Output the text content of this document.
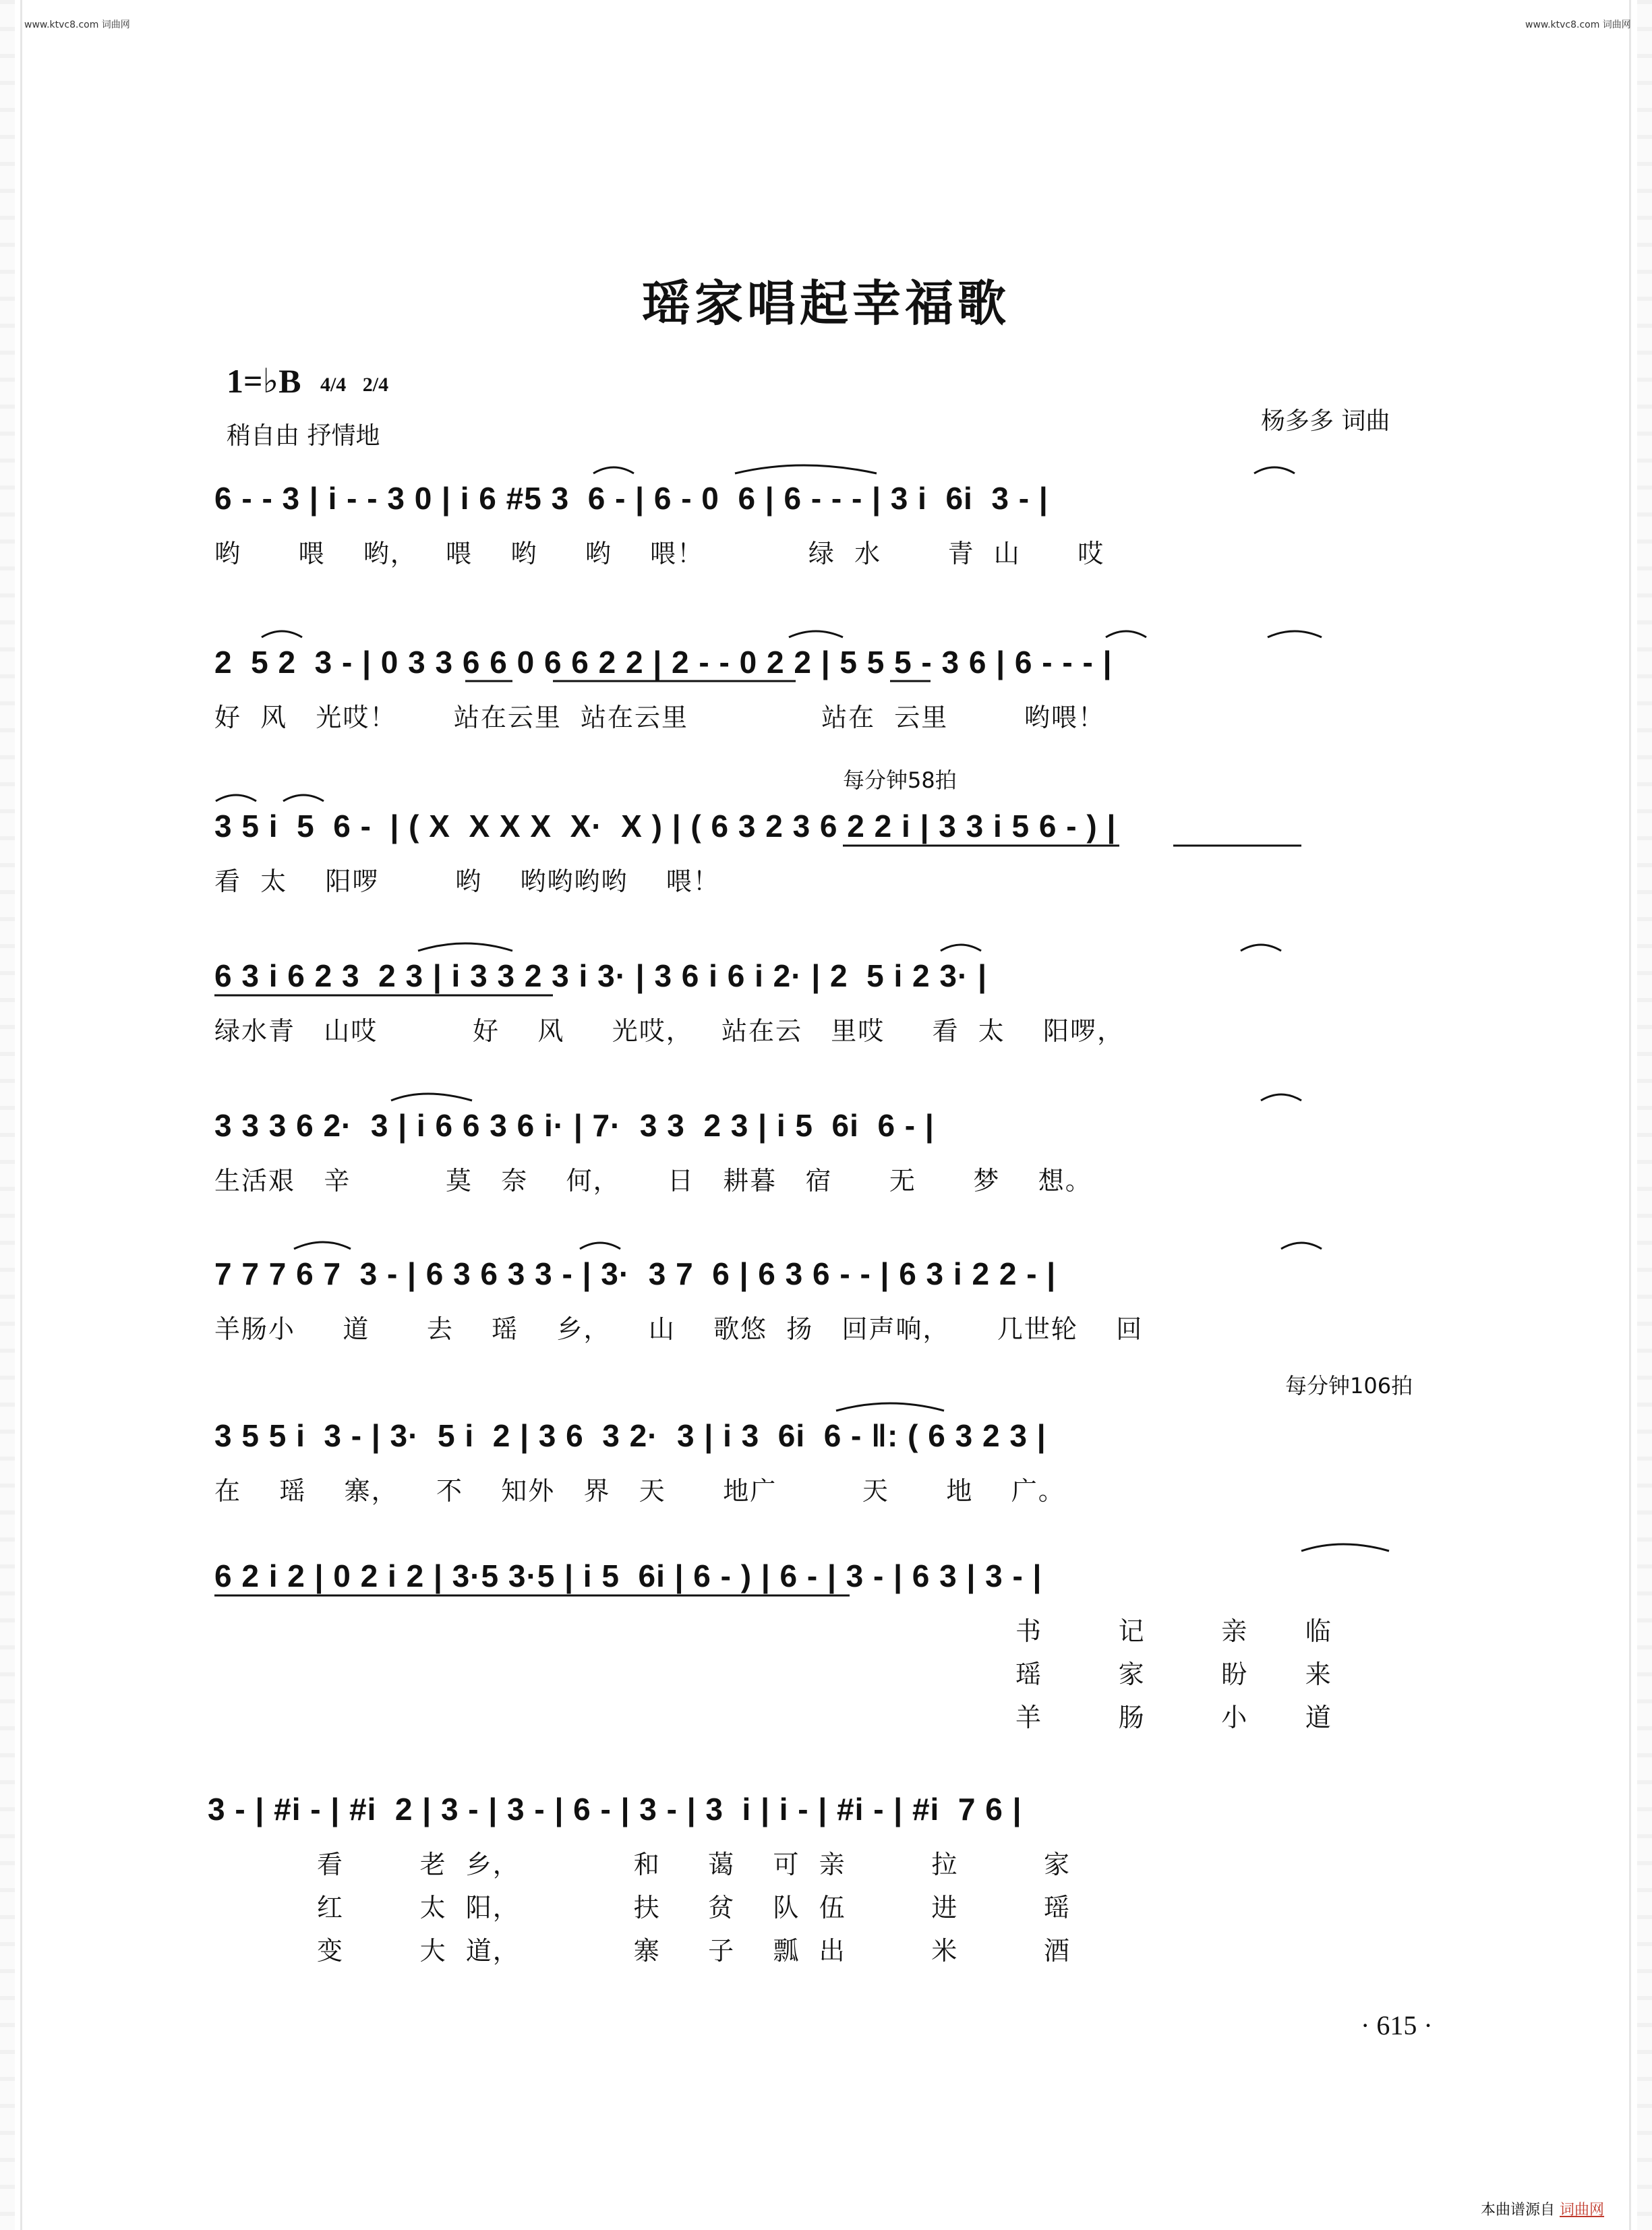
www.ktvc8.com 词曲网	www.ktvc8.com 词曲网
瑶家唱起幸福歌
1=♭B 4/4 2/4
稍自由 抒情地
杨多多 词曲
每分钟58拍
每分钟106拍
6 - - 3 | i - - 3 0 | i 6 #5 3  6 - | 6 - 0  6 | 6 - - - | 3 i  6i  3 - |
哟      喂    哟，   喂    哟     哟    喂！           绿  水       青  山      哎
2  5 2  3 - | 0 3 3 6 6 0 6 6 2 2 | 2 - - 0 2 2 | 5 5 5 - 3 6 | 6 - - - |
好  风   光哎！      站在云里  站在云里              站在  云里        哟喂！
3 5 i  5  6 -  | ( X  X X X  X·  X ) | ( 6 3 2 3 6 2 2 i | 3 3 i 5 6 - ) |
看  太    阳啰        哟    哟哟哟哟    喂！
6 3 i 6 2 3  2 3 | i 3 3 2 3 i 3· | 3 6 i 6 i 2· | 2  5 i 2 3· |
绿水青   山哎          好    风     光哎，   站在云   里哎     看  太    阳啰，
3 3 3 6 2·  3 | i 6 6 3 6 i· | 7·  3 3  2 3 | i 5  6i  6 - |
生活艰   辛          莫   奈    何，     日   耕暮   宿      无      梦    想。
7 7 7 6 7  3 - | 6 3 6 3 3 - | 3·  3 7  6 | 6 3 6 - - | 6 3 i 2 2 - |
羊肠小     道      去    瑶    乡，    山    歌悠  扬   回声响，     几世轮    回
3 5 5 i  3 - | 3·  5 i  2 | 3 6  3 2·  3 | i 3  6i  6 - ‖: ( 6 3 2 3 |
在    瑶    寨，    不    知外   界   天      地广         天      地    广。
6 2 i 2 | 0 2 i 2 | 3·5 3·5 | i 5  6i | 6 - ) | 6 - | 3 - | 6 3 | 3 - |
书        记        亲      临
瑶        家        盼      来
羊        肠        小      道
3 - | #i - | #i  2 | 3 - | 3 - | 6 - | 3 - | 3  i | i - | #i - | #i  7 6 |
看        老  乡，            和     蔼    可  亲         拉         家
红        太  阳，            扶     贫    队  伍         进         瑶
变        大  道，            寨     子    瓢  出         米         酒
· 615 ·
本曲谱源自 词曲网
